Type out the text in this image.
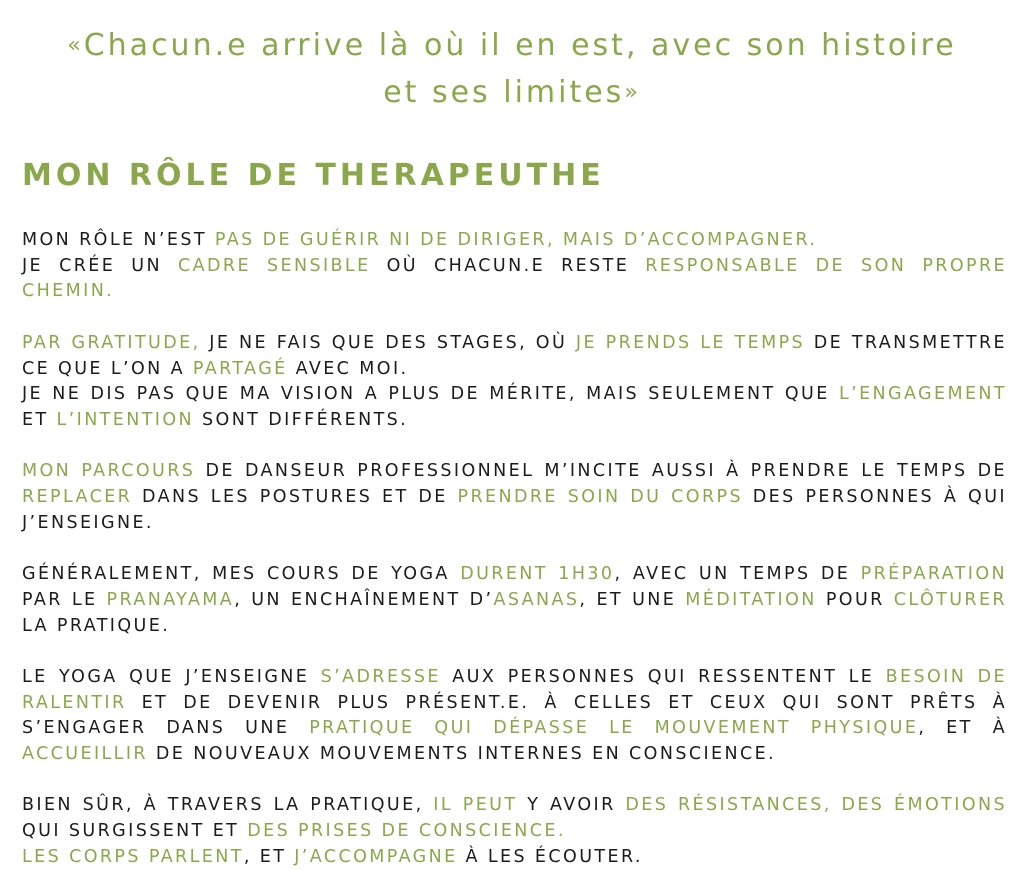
«Chacun.e arrive là où il en est, avec son histoire
et ses limites»
MON RÔLE DE THERAPEUTHE

MON RÔLE N’EST PAS DE GUÉRIR NI DE DIRIGER, MAIS D’ACCOMPAGNER.
JE CRÉE UN CADRE SENSIBLE OÙ CHACUN.E RESTE RESPONSABLE DE SON PROPRE CHEMIN.

PAR GRATITUDE, JE NE FAIS QUE DES STAGES, OÙ JE PRENDS LE TEMPS DE TRANSMETTRE CE QUE L’ON A PARTAGÉ AVEC MOI.
JE NE DIS PAS QUE MA VISION A PLUS DE MÉRITE, MAIS SEULEMENT QUE L’ENGAGEMENT ET L’INTENTION SONT DIFFÉRENTS.

MON PARCOURS DE DANSEUR PROFESSIONNEL M’INCITE AUSSI À PRENDRE LE TEMPS DE REPLACER DANS LES POSTURES ET DE PRENDRE SOIN DU CORPS DES PERSONNES À QUI J’ENSEIGNE.

GÉNÉRALEMENT, MES COURS DE YOGA DURENT 1H30, AVEC UN TEMPS DE PRÉPARATION PAR LE PRANAYAMA, UN ENCHAÎNEMENT D’ASANAS, ET UNE MÉDITATION POUR CLÔTURER LA PRATIQUE.

LE YOGA QUE J’ENSEIGNE S’ADRESSE AUX PERSONNES QUI RESSENTENT LE BESOIN DE RALENTIR ET DE DEVENIR PLUS PRÉSENT.E. À CELLES ET CEUX QUI SONT PRÊTS À S’ENGAGER DANS UNE PRATIQUE QUI DÉPASSE LE MOUVEMENT PHYSIQUE, ET À ACCUEILLIR DE NOUVEAUX MOUVEMENTS INTERNES EN CONSCIENCE.

BIEN SÛR, À TRAVERS LA PRATIQUE, IL PEUT Y AVOIR DES RÉSISTANCES, DES ÉMOTIONS QUI SURGISSENT ET DES PRISES DE CONSCIENCE.
LES CORPS PARLENT, ET J’ACCOMPAGNE À LES ÉCOUTER.
